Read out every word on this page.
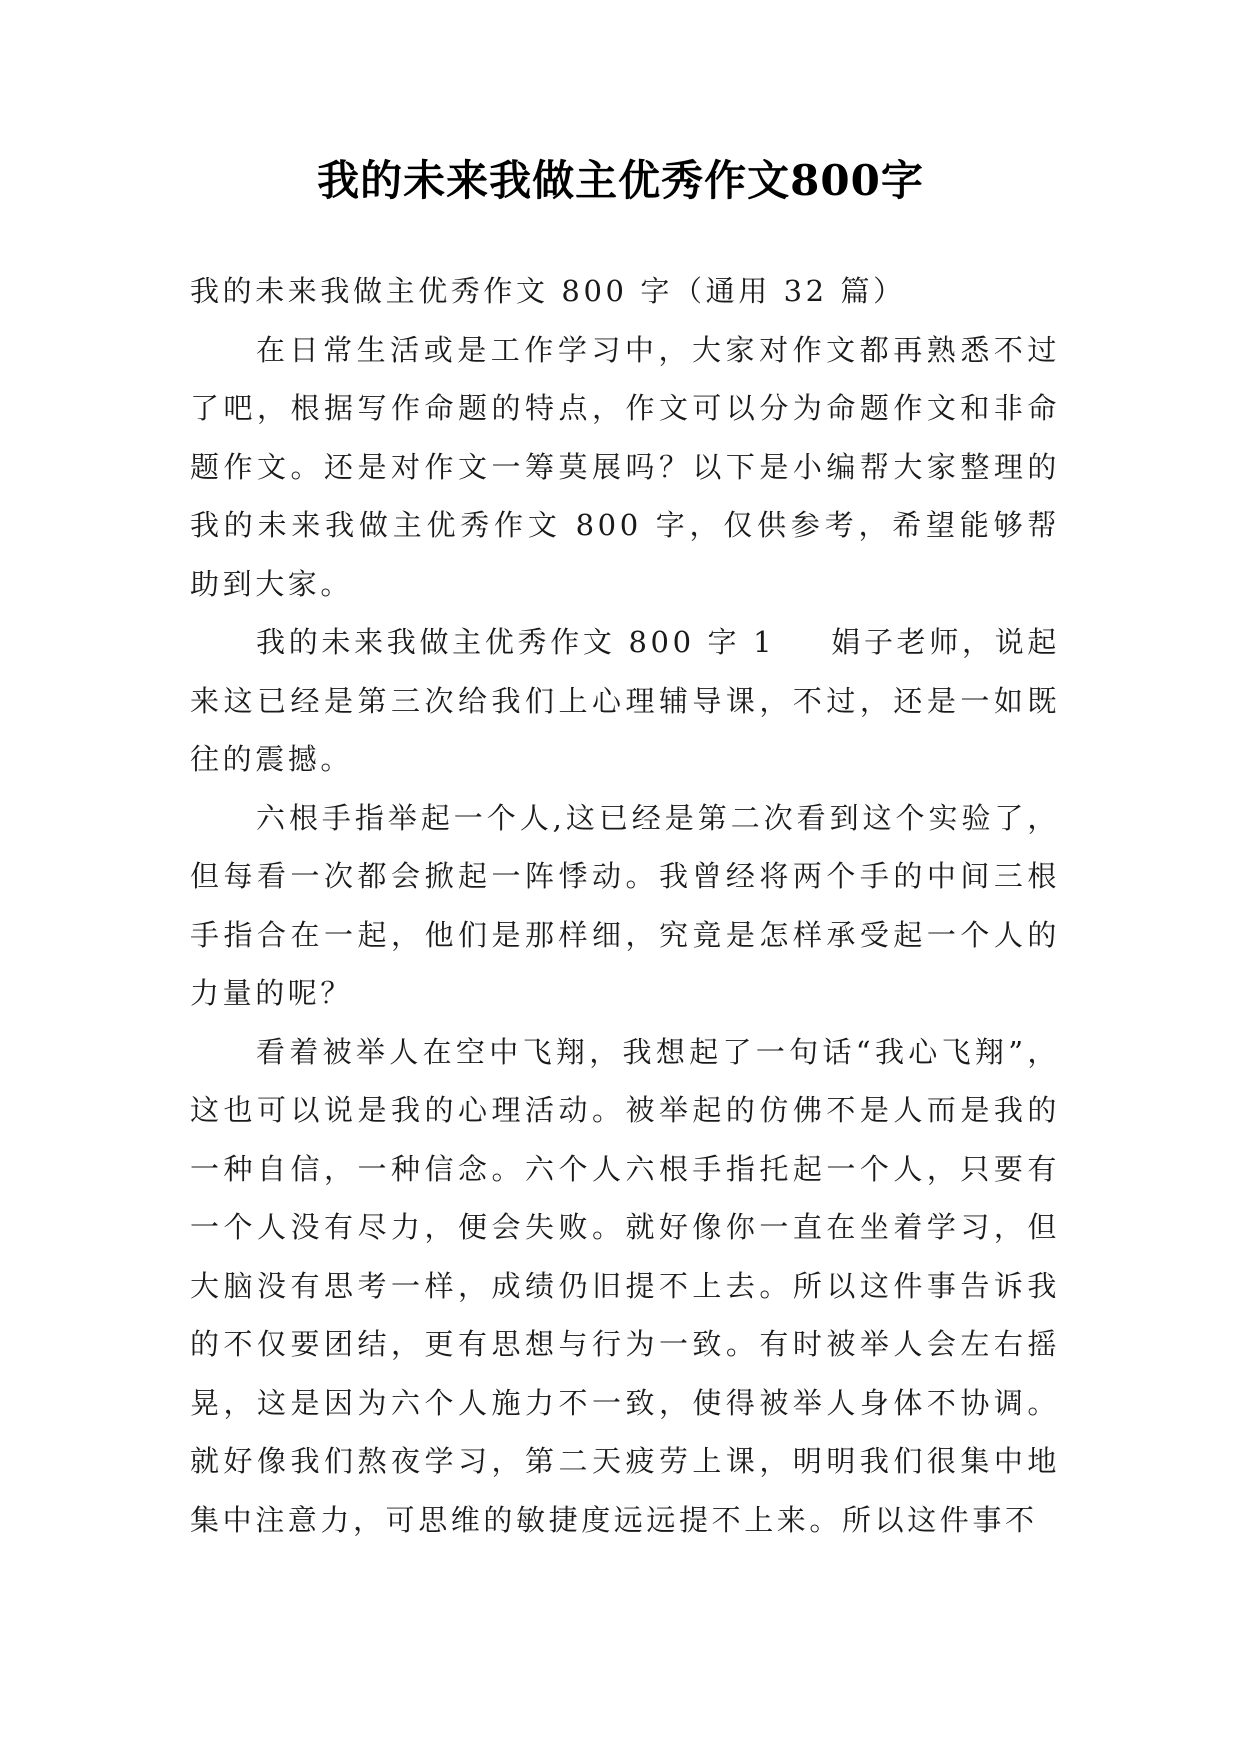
我的未来我做主优秀作文800字

我的未来我做主优秀作文 800 字（通用 32 篇）

在日常生活或是工作学习中，大家对作文都再熟悉不过了吧，根据写作命题的特点，作文可以分为命题作文和非命题作文。还是对作文一筹莫展吗？以下是小编帮大家整理的我的未来我做主优秀作文 800 字，仅供参考，希望能够帮助到大家。

我的未来我做主优秀作文 800 字 1 娟子老师，说起来这已经是第三次给我们上心理辅导课，不过，还是一如既往的震撼。

六根手指举起一个人,这已经是第二次看到这个实验了，但每看一次都会掀起一阵悸动。我曾经将两个手的中间三根手指合在一起，他们是那样细，究竟是怎样承受起一个人的力量的呢？

看着被举人在空中飞翔，我想起了一句话“我心飞翔”，这也可以说是我的心理活动。被举起的仿佛不是人而是我的一种自信，一种信念。六个人六根手指托起一个人，只要有一个人没有尽力，便会失败。就好像你一直在坐着学习，但大脑没有思考一样，成绩仍旧提不上去。所以这件事告诉我的不仅要团结，更有思想与行为一致。有时被举人会左右摇晃，这是因为六个人施力不一致，使得被举人身体不协调。就好像我们熬夜学习，第二天疲劳上课，明明我们很集中地集中注意力，可思维的敏捷度远远提不上来。所以这件事不
